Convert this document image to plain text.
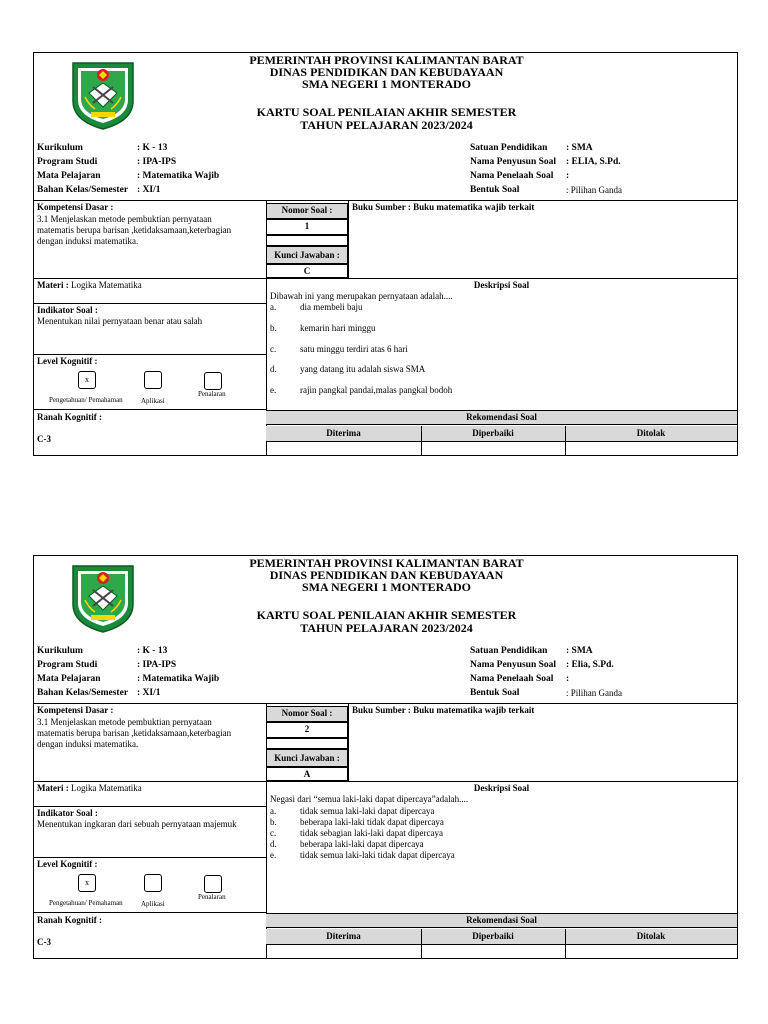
PEMERINTAH PROVINSI KALIMANTAN BARAT
DINAS PENDIDIKAN DAN KEBUDAYAAN
SMA NEGERI 1 MONTERADO
KARTU SOAL PENILAIAN AKHIR SEMESTER
TAHUN PELAJARAN 2023/2024
Kurikulum	: K - 13
Program Studi	: IPA-IPS
Mata Pelajaran	: Matematika Wajib
Bahan Kelas/Semester : XI/1
Satuan Pendidikan	: SMA
Nama Penyusun Soal	: ELIA, S.Pd.
Nama Penelaah Soal	:
Bentuk Soal	: Pilihan Ganda
Kompetensi Dasar :
3.1 Menjelaskan metode pembuktian pernyataan
matematis berupa barisan ,ketidaksamaan,keterbagian
dengan induksi matematika.
Nomor Soal :
1
Kunci Jawaban :
C
Buku Sumber : Buku matematika wajib terkait
Materi : Logika Matematika
Indikator Soal :
Menentukan nilai pernyataan benar atau salah
Level Kognitif :
x
Pengetahuan/ Pemahaman	Aplikasi
Penalaran
Ranah Kognitif :
C-3
Deskripsi Soal
Dibawah ini yang merupakan pernyataan adalah....
a.	dia membeli baju
b.	kemarin hari minggu
c.	satu minggu terdiri atas 6 hari
d.	yang datang itu adalah siswa SMA
e.	rajin pangkal pandai,malas pangkal bodoh
Rekomendasi Soal
Diterima	Diperbaiki	Ditolak
PEMERINTAH PROVINSI KALIMANTAN BARAT
DINAS PENDIDIKAN DAN KEBUDAYAAN
SMA NEGERI 1 MONTERADO
KARTU SOAL PENILAIAN AKHIR SEMESTER
TAHUN PELAJARAN 2023/2024
Kurikulum	: K - 13
Program Studi	: IPA-IPS
Mata Pelajaran	: Matematika Wajib
Bahan Kelas/Semester : XI/1
Satuan Pendidikan	: SMA
Nama Penyusun Soal	: Elia, S.Pd.
Nama Penelaah Soal	:
Bentuk Soal	: Pilihan Ganda
Kompetensi Dasar :
3.1 Menjelaskan metode pembuktian pernyataan
matematis berupa barisan ,ketidaksamaan,keterbagian
dengan induksi matematika.
Nomor Soal :
2
Kunci Jawaban :
A
Buku Sumber : Buku matematika wajib terkait
Materi : Logika Matematika
Indikator Soal :
Menentukan ingkaran dari sebuah pernyataan majemuk
Level Kognitif :
x
Pengetahuan/ Pemahaman	Aplikasi
Penalaran
Ranah Kognitif :
C-3
Deskripsi Soal
Negasi dari “semua laki-laki dapat dipercaya”adalah....
a.	tidak semua laki-laki dapat dipercaya
b.	beberapa laki-laki tidak dapat dipercaya
c.	tidak sebagian laki-laki dapat dipercaya
d.	beberapa laki-laki dapat dipercaya
e.	tidak semua laki-laki tidak dapat dipercaya
Rekomendasi Soal
Diterima	Diperbaiki	Ditolak
